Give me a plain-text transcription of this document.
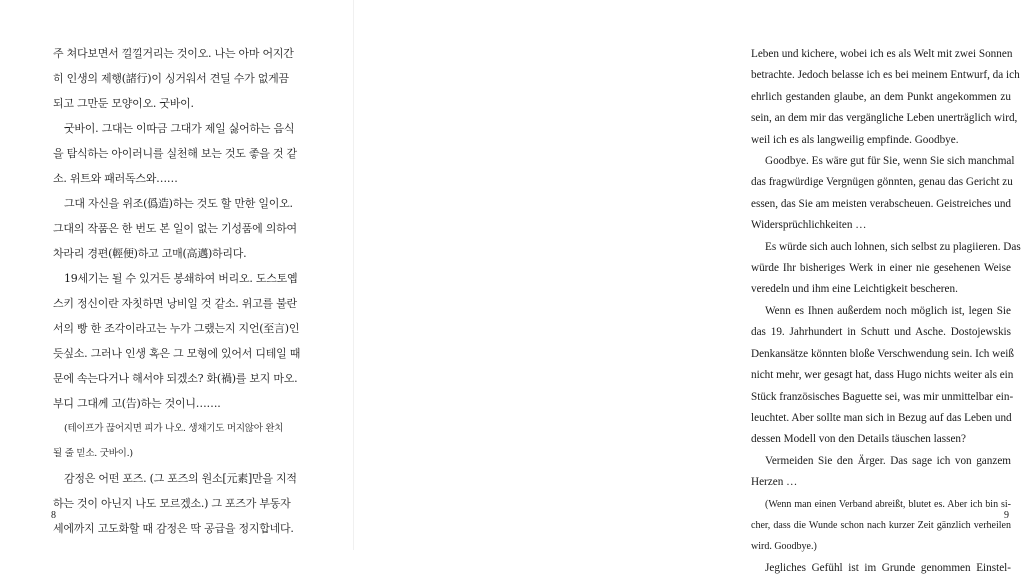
주 쳐다보면서 낄낄거리는 것이오. 나는 아마 어지간

히 인생의 제행(諸行)이 싱거워서 견딜 수가 없게끔

되고 그만둔 모양이오. 굿바이.

굿바이. 그대는 이따금 그대가 제일 싫어하는 음식

을 탐식하는 아이러니를 실천해 보는 것도 좋을 것 같

소. 위트와 패러독스와……

그대 자신을 위조(僞造)하는 것도 할 만한 일이오.

그대의 작품은 한 번도 본 일이 없는 기성품에 의하여

차라리 경편(輕便)하고 고매(高邁)하리다.

19세기는 될 수 있거든 봉쇄하여 버리오. 도스토옙

스키 정신이란 자칫하면 낭비일 것 같소. 위고를 불란

서의 빵 한 조각이라고는 누가 그랬는지 지언(至言)인

듯싶소. 그러나 인생 혹은 그 모형에 있어서 디테일 때

문에 속는다거나 해서야 되겠소? 화(禍)를 보지 마오.

부디 그대께 고(告)하는 것이니…….

(테이프가 끊어지면 피가 나오. 생채기도 머지않아 완치

될 줄 믿소. 굿바이.)

감정은 어떤 포즈. (그 포즈의 원소[元素]만을 지적

하는 것이 아닌지 나도 모르겠소.) 그 포즈가 부동자

세에까지 고도화할 때 감정은 딱 공급을 정지합네다.

8

Leben und kichere, wobei ich es als Welt mit zwei Sonnen

betrachte. Jedoch belasse ich es bei meinem Entwurf, da ich

ehrlich gestanden glaube, an dem Punkt angekommen zu

sein, an dem mir das vergängliche Leben unerträglich wird,

weil ich es als langweilig empfinde. Goodbye.

Goodbye. Es wäre gut für Sie, wenn Sie sich manchmal

das fragwürdige Vergnügen gönnten, genau das Gericht zu

essen, das Sie am meisten verabscheuen. Geistreiches und

Widersprüchlichkeiten …

Es würde sich auch lohnen, sich selbst zu plagiieren. Das

würde Ihr bisheriges Werk in einer nie gesehenen Weise

veredeln und ihm eine Leichtigkeit bescheren.

Wenn es Ihnen außerdem noch möglich ist, legen Sie

das 19. Jahrhundert in Schutt und Asche. Dostojewskis

Denkansätze könnten bloße Verschwendung sein. Ich weiß

nicht mehr, wer gesagt hat, dass Hugo nichts weiter als ein

Stück französisches Baguette sei, was mir unmittelbar ein-

leuchtet. Aber sollte man sich in Bezug auf das Leben und

dessen Modell von den Details täuschen lassen?

Vermeiden Sie den Ärger. Das sage ich von ganzem

Herzen …

(Wenn man einen Verband abreißt, blutet es. Aber ich bin si-

cher, dass die Wunde schon nach kurzer Zeit gänzlich verheilen

wird. Goodbye.)

Jegliches Gefühl ist im Grunde genommen Einstel-

9
